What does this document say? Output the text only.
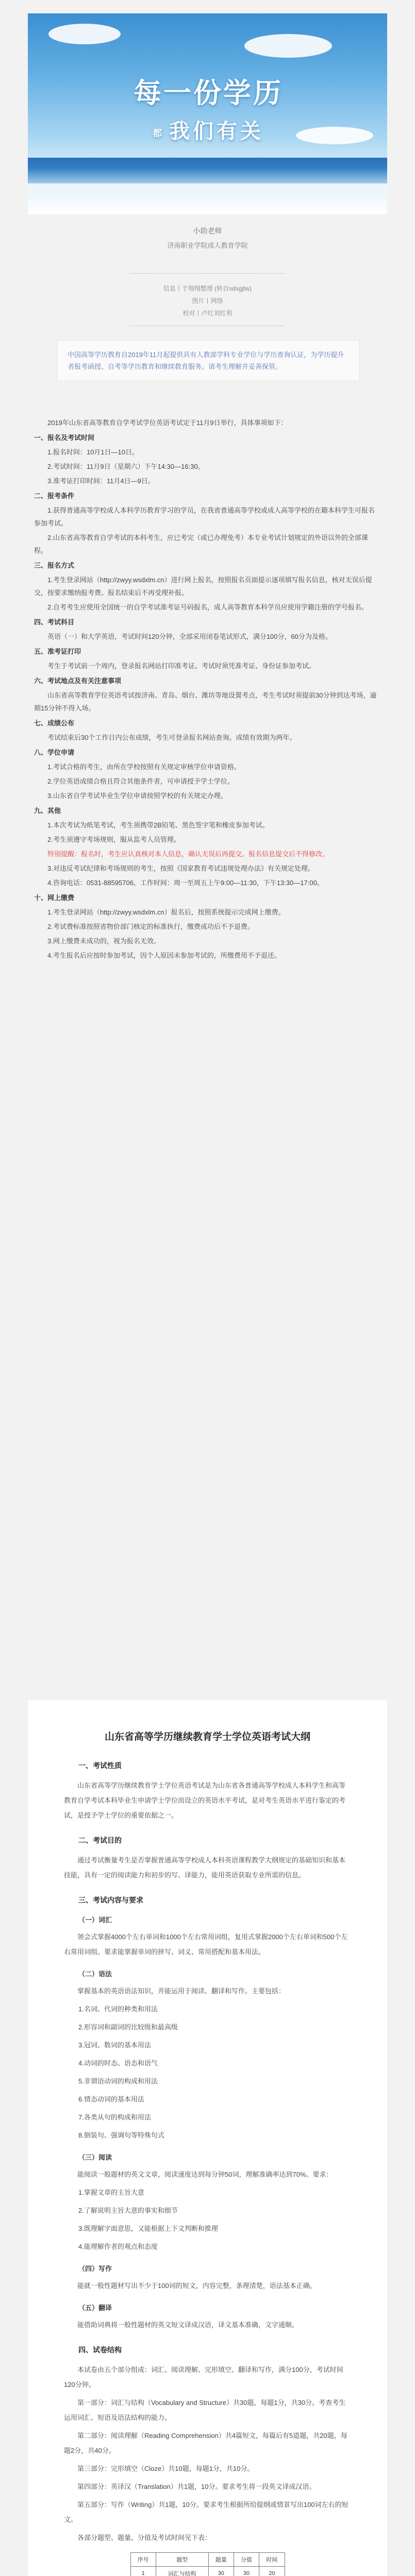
每一份学历
都 我们有关
小助老师
济南职业学院成人教育学院
信息丨于翔翔整理 (转自sdsgjtw)
图片丨网络
校对丨卢红刘红利
中国高等学历教育自2019年11月起提供具有人教部学科专业学位与学历查询认证，为学历提升者报考函授、自考等学历教育和继续教育服务。请考生理解并妥善保管。

2019年山东省高等教育自学考试学位英语考试定于11月9日举行，具体事项如下：

一、报名及考试时间

1.报名时间：10月1日—10日。

2.考试时间：11月9日（星期六）下午14:30—16:30。

3.准考证打印时间：11月4日—9日。

二、报考条件

1.获得普通高等学校成人本科学历教育学习的学员，在我省普通高等学校或成人高等学校的在籍本科学生可报名参加考试。

2.山东省高等教育自学考试的本科考生，应已考完（或已办理免考）本专业考试计划规定的外语以外的全部课程。

三、报名方式

1.考生登录网站（http://zwyy.wsdxlm.cn）进行网上报名，按照报名页面提示逐项填写报名信息，核对无误后提交，按要求缴纳报考费。报名结束后不再受理补报。

2.自考考生应使用全国统一的自学考试准考证号码报名，成人高等教育本科学员应使用学籍注册的学号报名。

四、考试科目

英语（一）和大学英语，考试时间120分钟，全部采用闭卷笔试形式，满分100分，60分为及格。

五、准考证打印

考生于考试前一个周内，登录报名网站打印准考证。考试时须凭准考证、身份证参加考试。

六、考试地点及有关注意事项

山东省高等教育学位英语考试按济南、青岛、烟台、潍坊等地设置考点，考生考试时须提前30分钟到达考场，逾期15分钟不得入场。

七、成绩公布

考试结束后30个工作日内公布成绩，考生可登录报名网站查询。成绩有效期为两年。

八、学位申请

1.考试合格的考生，由所在学校按照有关规定审核学位申请资格。

2.学位英语成绩合格且符合其他条件者，可申请授予学士学位。

3.山东省自学考试毕业生学位申请按照学校的有关规定办理。

九、其他

1.本次考试为纸笔考试，考生须携带2B铅笔、黑色签字笔和橡皮参加考试。

2.考生须遵守考场规则，服从监考人员管理。

特别提醒：报名时，考生应认真核对本人信息，确认无误后再提交。报名信息提交后不得修改。

3.对违反考试纪律和考场规则的考生，按照《国家教育考试违规处理办法》有关规定处理。

4.咨询电话：0531-88595706，工作时间：周一至周五上午9:00—11:30，下午13:30—17:00。

十、网上缴费

1.考生登录网站（http://zwyy.wsdxlm.cn）报名后，按照系统提示完成网上缴费。

2.考试费标准按照省物价部门核定的标准执行，缴费成功后不予退费。

3.网上缴费未成功的，视为报名无效。

4.考生报名后应按时参加考试，因个人原因未参加考试的，所缴费用不予退还。

山东省高等学历继续教育学士学位英语考试大纲
一、考试性质

山东省高等学历继续教育学士学位英语考试是为山东省各普通高等学校成人本科学生和高等教育自学考试本科毕业生申请学士学位而设立的英语水平考试，是对考生英语水平进行鉴定的考试，是授予学士学位的重要依据之一。

二、考试目的

通过考试衡量考生是否掌握普通高等学校成人本科英语课程教学大纲规定的基础知识和基本技能，具有一定的阅读能力和初步的写、译能力，能用英语获取专业所需的信息。

三、考试内容与要求
（一）词汇

领会式掌握4000个左右单词和1000个左右常用词组，复用式掌握2000个左右单词和500个左右常用词组。要求能掌握单词的拼写、词义、常用搭配和基本用法。

（二）语法

掌握基本的英语语法知识，并能运用于阅读、翻译和写作。主要包括：

1.名词、代词的种类和用法

2.形容词和副词的比较级和最高级

3.冠词、数词的基本用法

4.动词的时态、语态和语气

5.非谓语动词的构成和用法

6.情态动词的基本用法

7.各类从句的构成和用法

8.倒装句、强调句等特殊句式

（三）阅读

能阅读一般题材的英文文章，阅读速度达到每分钟50词，理解准确率达到70%。要求：

1.掌握文章的主旨大意

2.了解说明主旨大意的事实和细节

3.既理解字面意思，又能根据上下文判断和推理

4.能理解作者的观点和态度

（四）写作

能就一般性题材写出不少于100词的短文，内容完整，条理清楚，语法基本正确。

（五）翻译

能借助词典将一般性题材的英文短文译成汉语，译文基本准确，文字通顺。

四、试卷结构

本试卷由五个部分组成：词汇、阅读理解、完形填空、翻译和写作，满分100分，考试时间120分钟。

第一部分：词汇与结构（Vocabulary and Structure）共30题，每题1分，共30分。考查考生运用词汇、短语及语法结构的能力。

第二部分：阅读理解（Reading Comprehension）共4篇短文，每篇后有5道题，共20题，每题2分，共40分。

第三部分：完形填空（Cloze）共10题，每题1分，共10分。

第四部分：英译汉（Translation）共1题，10分。要求考生将一段英文译成汉语。

第五部分：写作（Writing）共1题，10分。要求考生根据所给提纲或情景写出100词左右的短文。

各部分题型、题量、分值及考试时间见下表：

序号	题型	题量	分值	时间
1	词汇与结构	30	30	20
